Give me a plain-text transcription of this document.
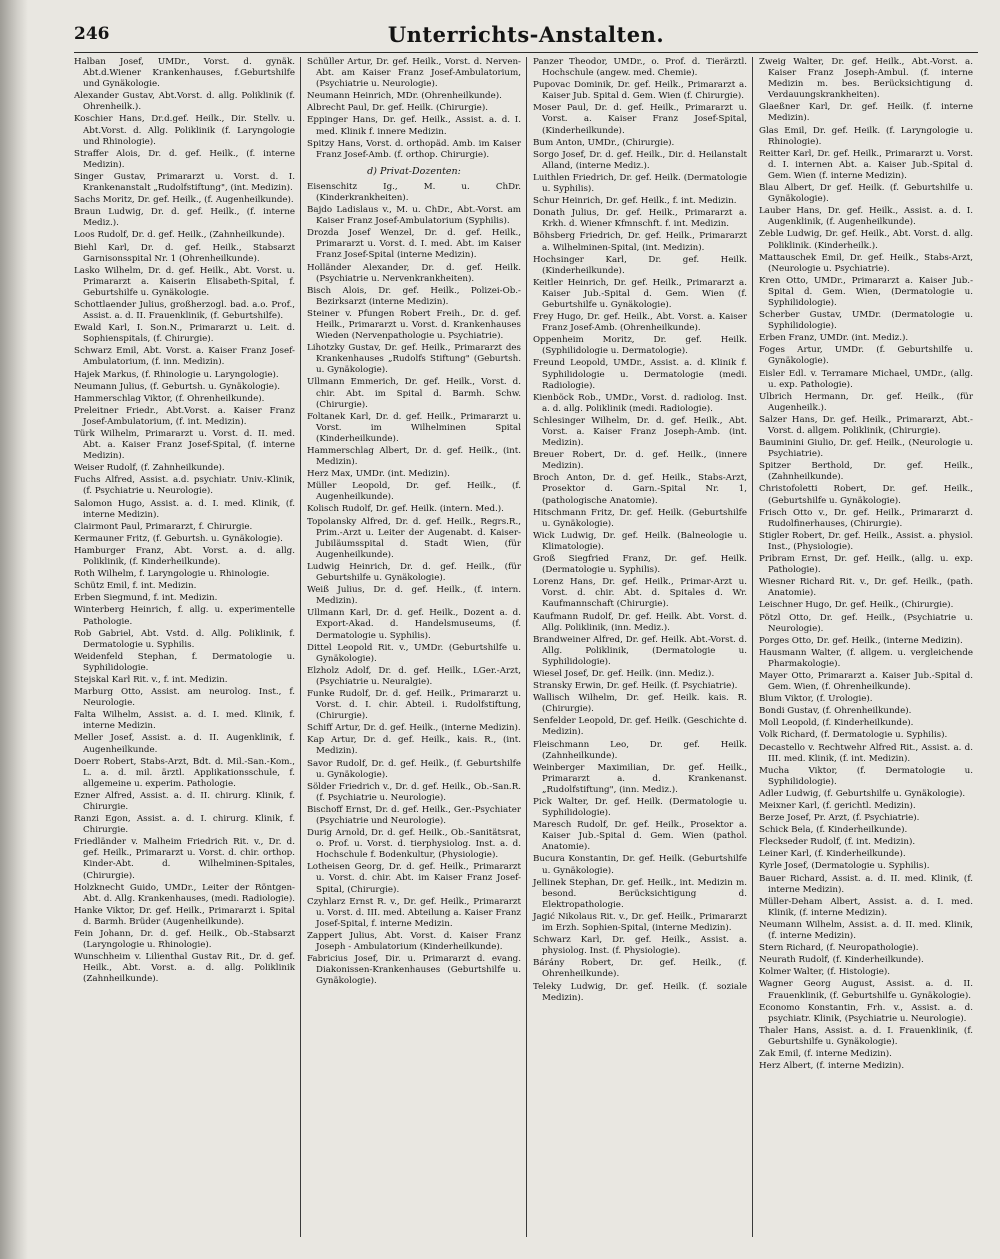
246	Unterrichts-Anstalten.

Halban Josef, UMDr., Vorst. d. gynäk. Abt.d.Wiener Krankenhauses, f.Geburtshilfe und Gynäkologie.

Alexander Gustav, Abt.Vorst. d. allg. Poliklinik (f. Ohrenheilk.).

Koschier Hans, Dr.d.gef. Heilk., Dir. Stellv. u. Abt.Vorst. d. Allg. Poliklinik (f. Laryngologie und Rhinologie).

Straffer Alois, Dr. d. gef. Heilk., (f. interne Medizin).

Singer Gustav, Primararzt u. Vorst. d. I. Krankenanstalt „Rudolfstiftung", (int. Medizin).

Sachs Moritz, Dr. gef. Heilk., (f. Augenheilkunde).

Braun Ludwig, Dr. d. gef. Heilk., (f. interne Mediz.).

Loos Rudolf, Dr. d. gef. Heilk., (Zahnheilkunde).

Biehl Karl, Dr. d. gef. Heilk., Stabsarzt Garnisonsspital Nr. 1 (Ohrenheilkunde).

Lasko Wilhelm, Dr. d. gef. Heilk., Abt. Vorst. u. Primararzt a. Kaiserin Elisabeth-Spital, f. Geburtshilfe u. Gynäkologie.

Schottlaender Julius, großherzogl. bad. a.o. Prof., Assist. a. d. II. Frauenklinik, (f. Geburtshilfe).

Ewald Karl, I. Son.N., Primararzt u. Leit. d. Sophienspitals, (f. Chirurgie).

Schwarz Emil, Abt. Vorst. a. Kaiser Franz Josef-Ambulatorium, (f. inn. Medizin).

Hajek Markus, (f. Rhinologie u. Laryngologie).

Neumann Julius, (f. Geburtsh. u. Gynäkologie).

Hammerschlag Viktor, (f. Ohrenheilkunde).

Preleitner Friedr., Abt.Vorst. a. Kaiser Franz Josef-Ambulatorium, (f. int. Medizin).

Türk Wilhelm, Primararzt u. Vorst. d. II. med. Abt. a. Kaiser Franz Josef-Spital, (f. interne Medizin).

Weiser Rudolf, (f. Zahnheilkunde).

Fuchs Alfred, Assist. a.d. psychiatr. Univ.-Klinik, (f. Psychiatrie u. Neurologie).

Salomon Hugo, Assist. a. d. I. med. Klinik, (f. interne Medizin).

Clairmont Paul, Primararzt, f. Chirurgie.

Kermauner Fritz, (f. Geburtsh. u. Gynäkologie).

Hamburger Franz, Abt. Vorst. a. d. allg. Poliklinik, (f. Kinderheilkunde).

Roth Wilhelm, f. Laryngologie u. Rhinologie.

Schütz Emil, f. int. Medizin.

Erben Siegmund, f. int. Medizin.

Winterberg Heinrich, f. allg. u. experimentelle Pathologie.

Rob Gabriel, Abt. Vstd. d. Allg. Poliklinik, f. Dermatologie u. Syphilis.

Weidenfeld Stephan, f. Dermatologie u. Syphilidologie.

Stejskal Karl Rit. v., f. int. Medizin.

Marburg Otto, Assist. am neurolog. Inst., f. Neurologie.

Falta Wilhelm, Assist. a. d. I. med. Klinik, f. interne Medizin.

Meller Josef, Assist. a. d. II. Augenklinik, f. Augenheilkunde.

Doerr Robert, Stabs-Arzt, Bdt. d. Mil.-San.-Kom., L. a. d. mil. ärztl. Applikationsschule, f. allgemeine u. experim. Pathologie.

Ezner Alfred, Assist. a. d. II. chirurg. Klinik, f. Chirurgie.

Ranzi Egon, Assist. a. d. I. chirurg. Klinik, f. Chirurgie.

Friedländer v. Malheim Friedrich Rit. v., Dr. d. gef. Heilk., Primararzt u. Vorst. d. chir. orthop. Kinder-Abt. d. Wilhelminen-Spitales, (Chirurgie).

Holzknecht Guido, UMDr., Leiter der Röntgen-Abt. d. Allg. Krankenhauses, (medi. Radiologie).

Hanke Viktor, Dr. gef. Heilk., Primararzt i. Spital d. Barmh. Brüder (Augenheilkunde).

Fein Johann, Dr. d. gef. Heilk., Ob.-Stabsarzt (Laryngologie u. Rhinologie).

Wunschheim v. Lilienthal Gustav Rit., Dr. d. gef. Heilk., Abt. Vorst. a. d. allg. Poliklinik (Zahnheilkunde).

Schüller Artur, Dr. gef. Heilk., Vorst. d. Nerven-Abt. am Kaiser Franz Josef-Ambulatorium, (Psychiatrie u. Neurologie).

Neumann Heinrich, MDr. (Ohrenheilkunde).

Albrecht Paul, Dr. gef. Heilk. (Chirurgie).

Eppinger Hans, Dr. gef. Heilk., Assist. a. d. I. med. Klinik f. innere Medizin.

Spitzy Hans, Vorst. d. orthopäd. Amb. im Kaiser Franz Josef-Amb. (f. orthop. Chirurgie).

d) Privat-Dozenten:

Eisenschitz Ig., M. u. ChDr. (Kinderkrankheiten).

Bajdo Ladislaus v., M. u. ChDr., Abt.-Vorst. am Kaiser Franz Josef-Ambulatorium (Syphilis).

Drozda Josef Wenzel, Dr. d. gef. Heilk., Primararzt u. Vorst. d. I. med. Abt. im Kaiser Franz Josef-Spital (interne Medizin).

Holländer Alexander, Dr. d. gef. Heilk. (Psychiatrie u. Nervenkrankheiten).

Bisch Alois, Dr. gef. Heilk., Polizei-Ob.-Bezirksarzt (interne Medizin).

Steiner v. Pfungen Robert Freih., Dr. d. gef. Heilk., Primararzt u. Vorst. d. Krankenhauses Wieden (Nervenpathologie u. Psychiatrie).

Lihotzky Gustav, Dr. gef. Heilk., Primararzt des Krankenhauses „Rudolfs Stiftung" (Geburtsh. u. Gynäkologie).

Ullmann Emmerich, Dr. gef. Heilk., Vorst. d. chir. Abt. im Spital d. Barmh. Schw. (Chirurgie).

Foltanek Karl, Dr. d. gef. Heilk., Primararzt u. Vorst. im Wilhelminen Spital (Kinderheilkunde).

Hammerschlag Albert, Dr. d. gef. Heilk., (int. Medizin).

Herz Max, UMDr. (int. Medizin).

Müller Leopold, Dr. gef. Heilk., (f. Augenheilkunde).

Kolisch Rudolf, Dr. gef. Heilk. (intern. Med.).

Topolansky Alfred, Dr. d. gef. Heilk., Regrs.R., Prim.-Arzt u. Leiter der Augenabt. d. Kaiser-Jubiläumsspital d. Stadt Wien, (für Augenheilkunde).

Ludwig Heinrich, Dr. d. gef. Heilk., (für Geburtshilfe u. Gynäkologie).

Weiß Julius, Dr. d. gef. Heilk., (f. intern. Medizin).

Ullmann Karl, Dr. d. gef. Heilk., Dozent a. d. Export-Akad. d. Handelsmuseums, (f. Dermatologie u. Syphilis).

Dittel Leopold Rit. v., UMDr. (Geburtshilfe u. Gynäkologie).

Elzholz Adolf, Dr. d. gef. Heilk., LGer.-Arzt, (Psychiatrie u. Neuralgie).

Funke Rudolf, Dr. d. gef. Heilk., Primararzt u. Vorst. d. I. chir. Abteil. i. Rudolfstiftung, (Chirurgie).

Schiff Artur, Dr. d. gef. Heilk., (interne Medizin).

Kap Artur, Dr. d. gef. Heilk., kais. R., (int. Medizin).

Savor Rudolf, Dr. d. gef. Heilk., (f. Geburtshilfe u. Gynäkologie).

Sölder Friedrich v., Dr. d. gef. Heilk., Ob.-San.R. (f. Psychiatrie u. Neurologie).

Bischoff Ernst, Dr. d. gef. Heilk., Ger.-Psychiater (Psychiatrie und Neurologie).

Durig Arnold, Dr. d. gef. Heilk., Ob.-Sanitätsrat, o. Prof. u. Vorst. d. tierphysiolog. Inst. a. d. Hochschule f. Bodenkultur, (Physiologie).

Lotheisen Georg, Dr. d. gef. Heilk., Primararzt u. Vorst. d. chir. Abt. im Kaiser Franz Josef-Spital, (Chirurgie).

Czyhlarz Ernst R. v., Dr. gef. Heilk., Primararzt u. Vorst. d. III. med. Abteilung a. Kaiser Franz Josef-Spital, f. interne Medizin.

Zappert Julius, Abt. Vorst. d. Kaiser Franz Joseph - Ambulatorium (Kinderheilkunde).

Fabricius Josef, Dir. u. Primararzt d. evang. Diakonissen-Krankenhauses (Geburtshilfe u. Gynäkologie).

Panzer Theodor, UMDr., o. Prof. d. Tierärztl. Hochschule (angew. med. Chemie).

Pupovac Dominik, Dr. gef. Heilk., Primararzt a. Kaiser Jub. Spital d. Gem. Wien (f. Chirurgie).

Moser Paul, Dr. d. gef. Heilk., Primararzt u. Vorst. a. Kaiser Franz Josef-Spital, (Kinderheilkunde).

Bum Anton, UMDr., (Chirurgie).

Sorgo Josef, Dr. d. gef. Heilk., Dir. d. Heilanstalt Alland, (interne Mediz.).

Luithlen Friedrich, Dr. gef. Heilk. (Dermatologie u. Syphilis).

Schur Heinrich, Dr. gef. Heilk., f. int. Medizin.

Donath Julius, Dr. gef. Heilk., Primararzt a. Krkh. d. Wiener Kfmnschft. f. int. Medizin.

Böhsberg Friedrich, Dr. gef. Heilk., Primararzt a. Wilhelminen-Spital, (int. Medizin).

Hochsinger Karl, Dr. gef. Heilk. (Kinderheilkunde).

Keitler Heinrich, Dr. gef. Heilk., Primararzt a. Kaiser Jub.-Spital d. Gem. Wien (f. Geburtshilfe u. Gynäkologie).

Frey Hugo, Dr. gef. Heilk., Abt. Vorst. a. Kaiser Franz Josef-Amb. (Ohrenheilkunde).

Oppenheim Moritz, Dr. gef. Heilk. (Syphilidologie u. Dermatologie).

Freund Leopold, UMDr., Assist. a. d. Klinik f. Syphilidologie u. Dermatologie (medi. Radiologie).

Kienböck Rob., UMDr., Vorst. d. radiolog. Inst. a. d. allg. Poliklinik (medi. Radiologie).

Schlesinger Wilhelm, Dr. d. gef. Heilk., Abt. Vorst. a. Kaiser Franz Joseph-Amb. (int. Medizin).

Breuer Robert, Dr. d. gef. Heilk., (innere Medizin).

Broch Anton, Dr. d. gef. Heilk., Stabs-Arzt, Prosektor d. Garn.-Spital Nr. 1, (pathologische Anatomie).

Hitschmann Fritz, Dr. gef. Heilk. (Geburtshilfe u. Gynäkologie).

Wick Ludwig, Dr. gef. Heilk. (Balneologie u. Klimatologie).

Groß Siegfried Franz, Dr. gef. Heilk. (Dermatologie u. Syphilis).

Lorenz Hans, Dr. gef. Heilk., Primar-Arzt u. Vorst. d. chir. Abt. d. Spitales d. Wr. Kaufmannschaft (Chirurgie).

Kaufmann Rudolf, Dr. gef. Heilk. Abt. Vorst. d. Allg. Poliklinik, (inn. Mediz.).

Brandweiner Alfred, Dr. gef. Heilk. Abt.-Vorst. d. Allg. Poliklinik, (Dermatologie u. Syphilidologie).

Wiesel Josef, Dr. gef. Heilk. (inn. Mediz.).

Stransky Erwin, Dr. gef. Heilk. (f. Psychiatrie).

Wallisch Wilhelm, Dr. gef. Heilk. kais. R. (Chirurgie).

Senfelder Leopold, Dr. gef. Heilk. (Geschichte d. Medizin).

Fleischmann Leo, Dr. gef. Heilk. (Zahnheilkunde).

Weinberger Maximilian, Dr. gef. Heilk., Primararzt a. d. Krankenanst. „Rudolfstiftung", (inn. Mediz.).

Pick Walter, Dr. gef. Heilk. (Dermatologie u. Syphilidologie).

Maresch Rudolf, Dr. gef. Heilk., Prosektor a. Kaiser Jub.-Spital d. Gem. Wien (pathol. Anatomie).

Bucura Konstantin, Dr. gef. Heilk. (Geburtshilfe u. Gynäkologie).

Jellinek Stephan, Dr. gef. Heilk., int. Medizin m. besond. Berücksichtigung d. Elektropathologie.

Jagić Nikolaus Rit. v., Dr. gef. Heilk., Primararzt im Erzh. Sophien-Spital, (interne Medizin).

Schwarz Karl, Dr. gef. Heilk., Assist. a. physiolog. Inst. (f. Physiologie).

Bárány Robert, Dr. gef. Heilk., (f. Ohrenheilkunde).

Teleky Ludwig, Dr. gef. Heilk. (f. soziale Medizin).

Zweig Walter, Dr. gef. Heilk., Abt.-Vorst. a. Kaiser Franz Joseph-Ambul. (f. interne Medizin m. bes. Berücksichtigung d. Verdauungskrankheiten).

Glaeßner Karl, Dr. gef. Heilk. (f. interne Medizin).

Glas Emil, Dr. gef. Heilk. (f. Laryngologie u. Rhinologie).

Reitter Karl, Dr. gef. Heilk., Primararzt u. Vorst. d. I. internen Abt. a. Kaiser Jub.-Spital d. Gem. Wien (f. interne Medizin).

Blau Albert, Dr gef. Heilk. (f. Geburtshilfe u. Gynäkologie).

Lauber Hans, Dr. gef. Heilk., Assist. a. d. I. Augenklinik, (f. Augenheilkunde).

Zeble Ludwig, Dr. gef. Heilk., Abt. Vorst. d. allg. Poliklinik. (Kinderheilk.).

Mattauschek Emil, Dr. gef. Heilk., Stabs-Arzt, (Neurologie u. Psychiatrie).

Kren Otto, UMDr., Primararzt a. Kaiser Jub.-Spital d. Gem. Wien, (Dermatologie u. Syphilidologie).

Scherber Gustav, UMDr. (Dermatologie u. Syphilidologie).

Erben Franz, UMDr. (int. Mediz.).

Foges Artur, UMDr. (f. Geburtshilfe u. Gynäkologie).

Eisler Edl. v. Terramare Michael, UMDr., (allg. u. exp. Pathologie).

Ulbrich Hermann, Dr. gef. Heilk., (für Augenheilk.).

Salzer Hans, Dr. gef. Heilk., Primararzt, Abt.-Vorst. d. allgem. Poliklinik, (Chirurgie).

Bauminini Giulio, Dr. gef. Heilk., (Neurologie u. Psychiatrie).

Spitzer Berthold, Dr. gef. Heilk., (Zahnheilkunde).

Christofoletti Robert, Dr. gef. Heilk., (Geburtshilfe u. Gynäkologie).

Frisch Otto v., Dr. gef. Heilk., Primararzt d. Rudolfinerhauses, (Chirurgie).

Stigler Robert, Dr. gef. Heilk., Assist. a. physiol. Inst., (Physiologie).

Pribram Ernst, Dr. gef. Heilk., (allg. u. exp. Pathologie).

Wiesner Richard Rit. v., Dr. gef. Heilk., (path. Anatomie).

Leischner Hugo, Dr. gef. Heilk., (Chirurgie).

Pötzl Otto, Dr. gef. Heilk., (Psychiatrie u. Neurologie).

Porges Otto, Dr. gef. Heilk., (interne Medizin).

Hausmann Walter, (f. allgem. u. vergleichende Pharmakologie).

Mayer Otto, Primararzt a. Kaiser Jub.-Spital d. Gem. Wien, (f. Ohrenheilkunde).

Blum Viktor, (f. Urologie).

Bondi Gustav, (f. Ohrenheilkunde).

Moll Leopold, (f. Kinderheilkunde).

Volk Richard, (f. Dermatologie u. Syphilis).

Decastello v. Rechtwehr Alfred Rit., Assist. a. d. III. med. Klinik, (f. int. Medizin).

Mucha Viktor, (f. Dermatologie u. Syphilidologie).

Adler Ludwig, (f. Geburtshilfe u. Gynäkologie).

Meixner Karl, (f. gerichtl. Medizin).

Berze Josef, Pr. Arzt, (f. Psychiatrie).

Schick Bela, (f. Kinderheilkunde).

Fleckseder Rudolf, (f. int. Medizin).

Leiner Karl, (f. Kinderheilkunde).

Kyrle Josef, (Dermatologie u. Syphilis).

Bauer Richard, Assist. a. d. II. med. Klinik, (f. interne Medizin).

Müller-Deham Albert, Assist. a. d. I. med. Klinik, (f. interne Medizin).

Neumann Wilhelm, Assist. a. d. II. med. Klinik, (f. interne Medizin).

Stern Richard, (f. Neuropathologie).

Neurath Rudolf, (f. Kinderheilkunde).

Kolmer Walter, (f. Histologie).

Wagner Georg August, Assist. a. d. II. Frauenklinik, (f. Geburtshilfe u. Gynäkologie).

Economo Konstantin, Frh. v., Assist. a. d. psychiatr. Klinik, (Psychiatrie u. Neurologie).

Thaler Hans, Assist. a. d. I. Frauenklinik, (f. Geburtshilfe u. Gynäkologie).

Zak Emil, (f. interne Medizin).

Herz Albert, (f. interne Medizin).
